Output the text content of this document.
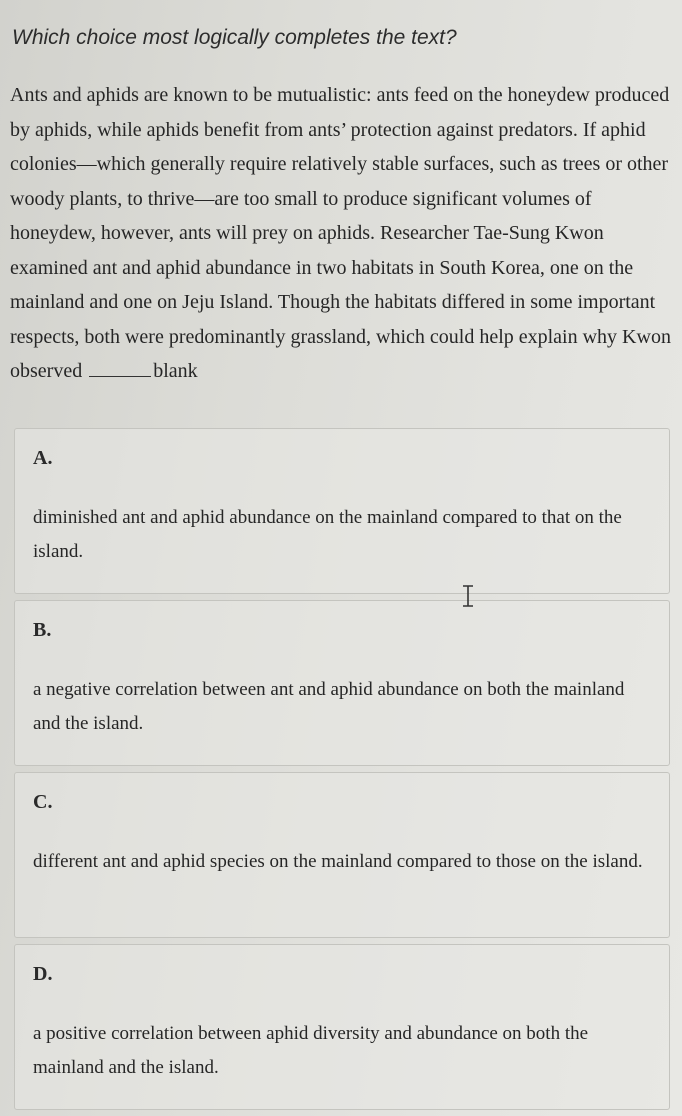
Which choice most logically completes the text?

Ants and aphids are known to be mutualistic: ants feed on the honeydew produced by aphids, while aphids benefit from ants’ protection against predators. If aphid colonies—which generally require relatively stable surfaces, such as trees or other woody plants, to thrive—are too small to produce significant volumes of honeydew, however, ants will prey on aphids. Researcher Tae-Sung Kwon examined ant and aphid abundance in two habitats in South Korea, one on the mainland and one on Jeju Island. Though the habitats differed in some important respects, both were predominantly grassland, which could help explain why Kwon observed	blank

A.
diminished ant and aphid abundance on the mainland compared to that on the island.
B.
a negative correlation between ant and aphid abundance on both the mainland and the island.
C.
different ant and aphid species on the mainland compared to those on the island.
D.
a positive correlation between aphid diversity and abundance on both the mainland and the island.
